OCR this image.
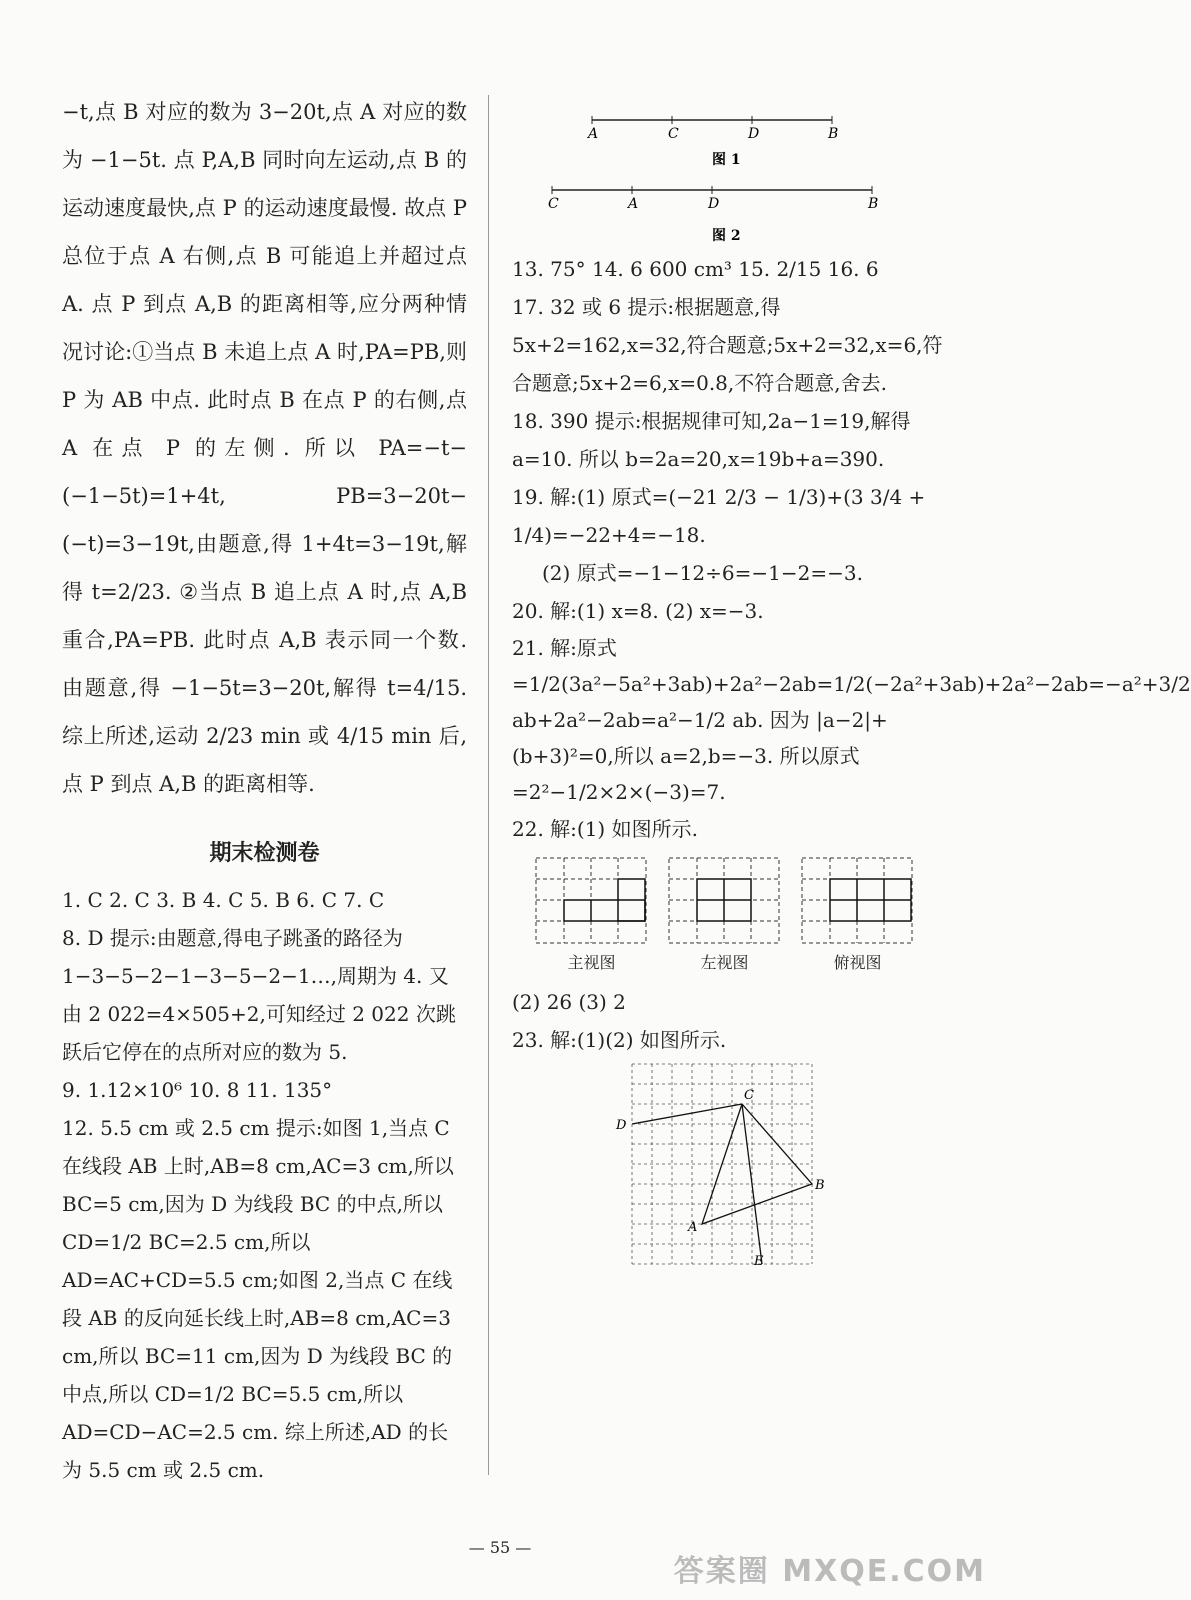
−t,点 B 对应的数为 3−20t,点 A 对应的数为 −1−5t. 点 P,A,B 同时向左运动,点 B 的运动速度最快,点 P 的运动速度最慢. 故点 P 总位于点 A 右侧,点 B 可能追上并超过点 A. 点 P 到点 A,B 的距离相等,应分两种情况讨论:①当点 B 未追上点 A 时,PA=PB,则 P 为 AB 中点. 此时点 B 在点 P 的右侧,点 A 在点 P 的左侧. 所以 PA=−t−(−1−5t)=1+4t, PB=3−20t−(−t)=3−19t,由题意,得 1+4t=3−19t,解得 t=2/23. ②当点 B 追上点 A 时,点 A,B 重合,PA=PB. 此时点 A,B 表示同一个数. 由题意,得 −1−5t=3−20t,解得 t=4/15. 综上所述,运动 2/23 min 或 4/15 min 后,点 P 到点 A,B 的距离相等.

期末检测卷

1. C 2. C 3. B 4. C 5. B 6. C 7. C

8. D 提示:由题意,得电子跳蚤的路径为 1−3−5−2−1−3−5−2−1…,周期为 4. 又由 2 022=4×505+2,可知经过 2 022 次跳跃后它停在的点所对应的数为 5.

9. 1.12×10⁶ 10. 8 11. 135°

12. 5.5 cm 或 2.5 cm 提示:如图 1,当点 C 在线段 AB 上时,AB=8 cm,AC=3 cm,所以 BC=5 cm,因为 D 为线段 BC 的中点,所以 CD=1/2 BC=2.5 cm,所以 AD=AC+CD=5.5 cm;如图 2,当点 C 在线段 AB 的反向延长线上时,AB=8 cm,AC=3 cm,所以 BC=11 cm,因为 D 为线段 BC 的中点,所以 CD=1/2 BC=5.5 cm,所以 AD=CD−AC=2.5 cm. 综上所述,AD 的长为 5.5 cm 或 2.5 cm.

A	C	D	B
图 1
C	A	D	B
图 2

13. 75° 14. 6 600 cm³ 15. 2/15 16. 6

17. 32 或 6 提示:根据题意,得 5x+2=162,x=32,符合题意;5x+2=32,x=6,符合题意;5x+2=6,x=0.8,不符合题意,舍去.

18. 390 提示:根据规律可知,2a−1=19,解得 a=10. 所以 b=2a=20,x=19b+a=390.

19. 解:(1) 原式=(−21 2/3 − 1/3)+(3 3/4 + 1/4)=−22+4=−18.

(2) 原式=−1−12÷6=−1−2=−3.

20. 解:(1) x=8. (2) x=−3.

21. 解:原式=1/2(3a²−5a²+3ab)+2a²−2ab=1/2(−2a²+3ab)+2a²−2ab=−a²+3/2 ab+2a²−2ab=a²−1/2 ab. 因为 |a−2|+(b+3)²=0,所以 a=2,b=−3. 所以原式=2²−1/2×2×(−3)=7.

22. 解:(1) 如图所示.

主视图	左视图	俯视图

(2) 26 (3) 2

23. 解:(1)(2) 如图所示.

C
D
B
A
E
— 55 —
答案圈 MXQE.COM
